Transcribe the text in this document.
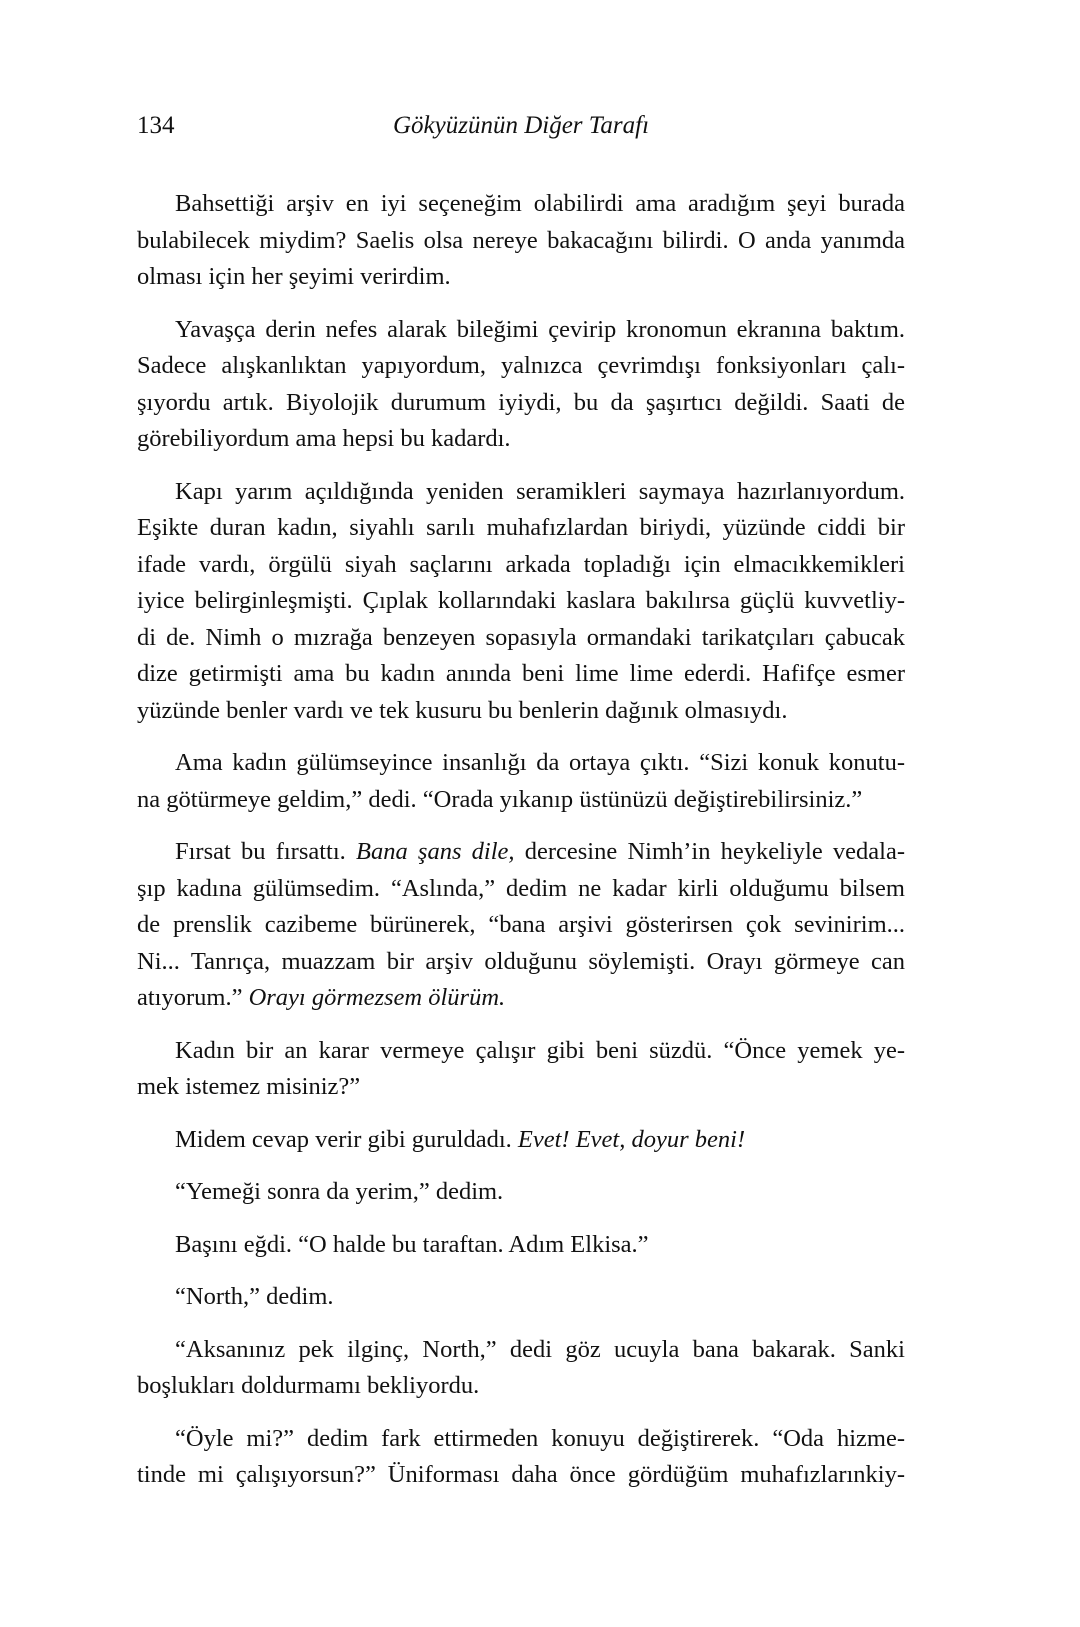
134	Gökyüzünün Diğer Tarafı
Bahsettiği arşiv en iyi seçeneğim olabilirdi ama aradığım şeyi burada
bulabilecek miydim? Saelis olsa nereye bakacağını bilirdi. O anda yanımda
olması için her şeyimi verirdim.
Yavaşça derin nefes alarak bileğimi çevirip kronomun ekranına baktım.
Sadece alışkanlıktan yapıyordum, yalnızca çevrimdışı fonksiyonları çalı-
şıyordu artık. Biyolojik durumum iyiydi, bu da şaşırtıcı değildi. Saati de
görebiliyordum ama hepsi bu kadardı.
Kapı yarım açıldığında yeniden seramikleri saymaya hazırlanıyordum.
Eşikte duran kadın, siyahlı sarılı muhafızlardan biriydi, yüzünde ciddi bir
ifade vardı, örgülü siyah saçlarını arkada topladığı için elmacıkkemikleri
iyice belirginleşmişti. Çıplak kollarındaki kaslara bakılırsa güçlü kuvvetliy-
di de. Nimh o mızrağa benzeyen sopasıyla ormandaki tarikatçıları çabucak
dize getirmişti ama bu kadın anında beni lime lime ederdi. Hafifçe esmer
yüzünde benler vardı ve tek kusuru bu benlerin dağınık olmasıydı.
Ama kadın gülümseyince insanlığı da ortaya çıktı. “Sizi konuk konutu-
na götürmeye geldim,” dedi. “Orada yıkanıp üstünüzü değiştirebilirsiniz.”
Fırsat bu fırsattı. Bana şans dile, dercesine Nimh’in heykeliyle vedala-
şıp kadına gülümsedim. “Aslında,” dedim ne kadar kirli olduğumu bilsem
de prenslik cazibeme bürünerek, “bana arşivi gösterirsen çok sevinirim...
Ni... Tanrıça, muazzam bir arşiv olduğunu söylemişti. Orayı görmeye can
atıyorum.” Orayı görmezsem ölürüm.
Kadın bir an karar vermeye çalışır gibi beni süzdü. “Önce yemek ye-
mek istemez misiniz?”
Midem cevap verir gibi guruldadı. Evet! Evet, doyur beni!
“Yemeği sonra da yerim,” dedim.
Başını eğdi. “O halde bu taraftan. Adım Elkisa.”
“North,” dedim.
“Aksanınız pek ilginç, North,” dedi göz ucuyla bana bakarak. Sanki
boşlukları doldurmamı bekliyordu.
“Öyle mi?” dedim fark ettirmeden konuyu değiştirerek. “Oda hizme-
tinde mi çalışıyorsun?” Üniforması daha önce gördüğüm muhafızlarınkiy-
